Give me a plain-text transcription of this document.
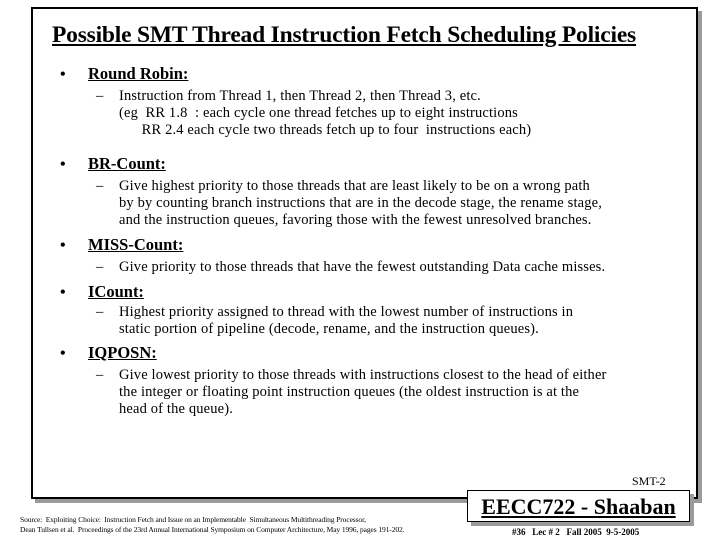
Possible SMT Thread Instruction Fetch Scheduling Policies
• Round Robin:
– Instruction from Thread 1, then Thread 2, then Thread 3, etc.
(eg  RR 1.8  : each cycle one thread fetches up to eight instructions
RR 2.4 each cycle two threads fetch up to four  instructions each)
• BR-Count:
– Give highest priority to those threads that are least likely to be on a wrong path
by by counting branch instructions that are in the decode stage, the rename stage,
and the instruction queues, favoring those with the fewest unresolved branches.
• MISS-Count:
– Give priority to those threads that have the fewest outstanding Data cache misses.
• ICount:
– Highest priority assigned to thread with the lowest number of instructions in
static portion of pipeline (decode, rename, and the instruction queues).
• IQPOSN:
– Give lowest priority to those threads with instructions closest to the head of either
the integer or floating point instruction queues (the oldest instruction is at the
head of the queue).
SMT-2
EECC722 - Shaaban
Source:  Exploiting Choice:  Instruction Fetch and Issue on an Implementable  Simultaneous Multithreading Processor,
Dean Tullsen et al.  Proceedings of the 23rd Annual International Symposium on Computer Architecture, May 1996, pages 191-202.	#36   Lec # 2   Fall 2005  9-5-2005
